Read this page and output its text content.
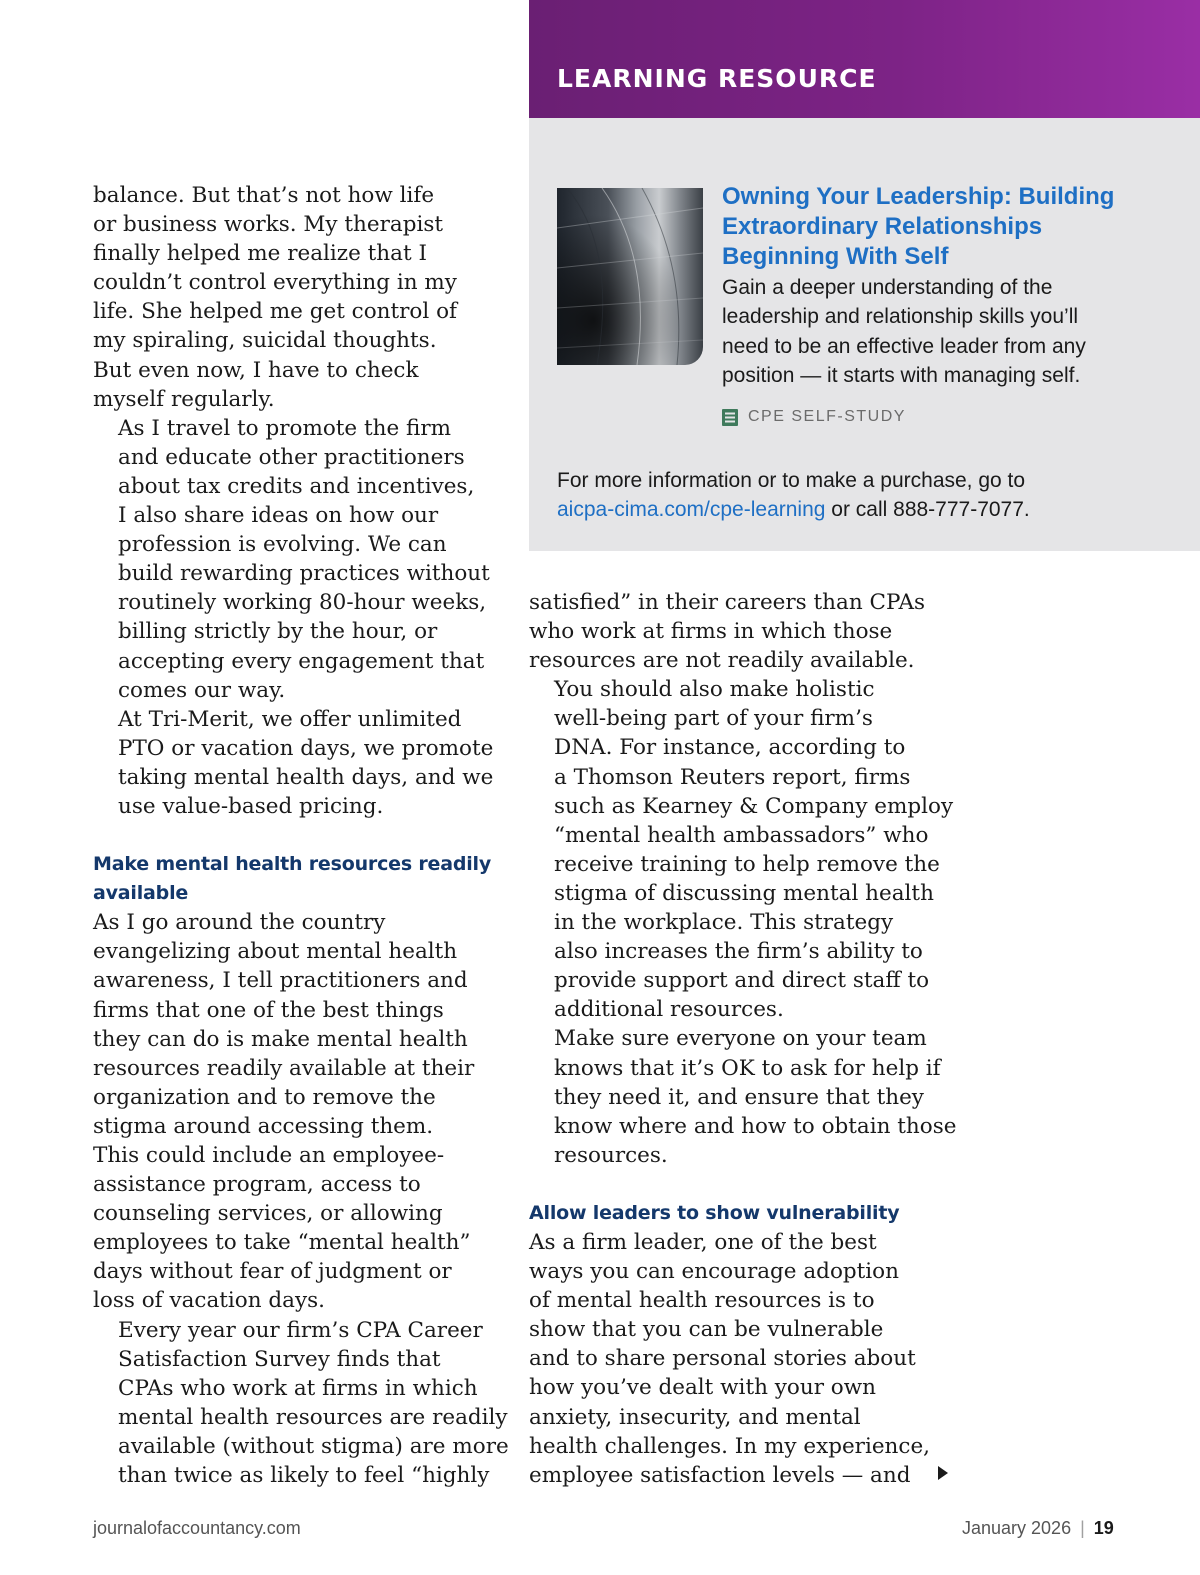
LEARNING RESOURCE
Owning Your Leadership: Building
Extraordinary Relationships
Beginning With Self
Gain a deeper understanding of the
leadership and relationship skills you’ll
need to be an effective leader from any
position — it starts with managing self.
CPE SELF-STUDY
For more information or to make a purchase, go to
aicpa-cima.com/cpe-learning or call 888-777-7077.

balance. But that’s not how life
or business works. My therapist
finally helped me realize that I
couldn’t control everything in my
life. She helped me get control of
my spiraling, suicidal thoughts.
But even now, I have to check
myself regularly.

As I travel to promote the firm
and educate other practitioners
about tax credits and incentives,
I also share ideas on how our
profession is evolving. We can
build rewarding practices without
routinely working 80-hour weeks,
billing strictly by the hour, or
accepting every engagement that
comes our way.

At Tri-Merit, we offer unlimited
PTO or vacation days, we promote
taking mental health days, and we
use value-based pricing.

Make mental health resources readily
available

As I go around the country
evangelizing about mental health
awareness, I tell practitioners and
firms that one of the best things
they can do is make mental health
resources readily available at their
organization and to remove the
stigma around accessing them.
This could include an employee-
assistance program, access to
counseling services, or allowing
employees to take “mental health”
days without fear of judgment or
loss of vacation days.

Every year our firm’s CPA Career
Satisfaction Survey finds that
CPAs who work at firms in which
mental health resources are readily
available (without stigma) are more
than twice as likely to feel “highly

satisfied” in their careers than CPAs
who work at firms in which those
resources are not readily available.

You should also make holistic
well-being part of your firm’s
DNA. For instance, according to
a Thomson Reuters report, firms
such as Kearney & Company employ
“mental health ambassadors” who
receive training to help remove the
stigma of discussing mental health
in the workplace. This strategy
also increases the firm’s ability to
provide support and direct staff to
additional resources.

Make sure everyone on your team
knows that it’s OK to ask for help if
they need it, and ensure that they
know where and how to obtain those
resources.

Allow leaders to show vulnerability

As a firm leader, one of the best
ways you can encourage adoption
of mental health resources is to
show that you can be vulnerable
and to share personal stories about
how you’ve dealt with your own
anxiety, insecurity, and mental
health challenges. In my experience,
employee satisfaction levels — and

journalofaccountancy.com	January 2026 | 19
